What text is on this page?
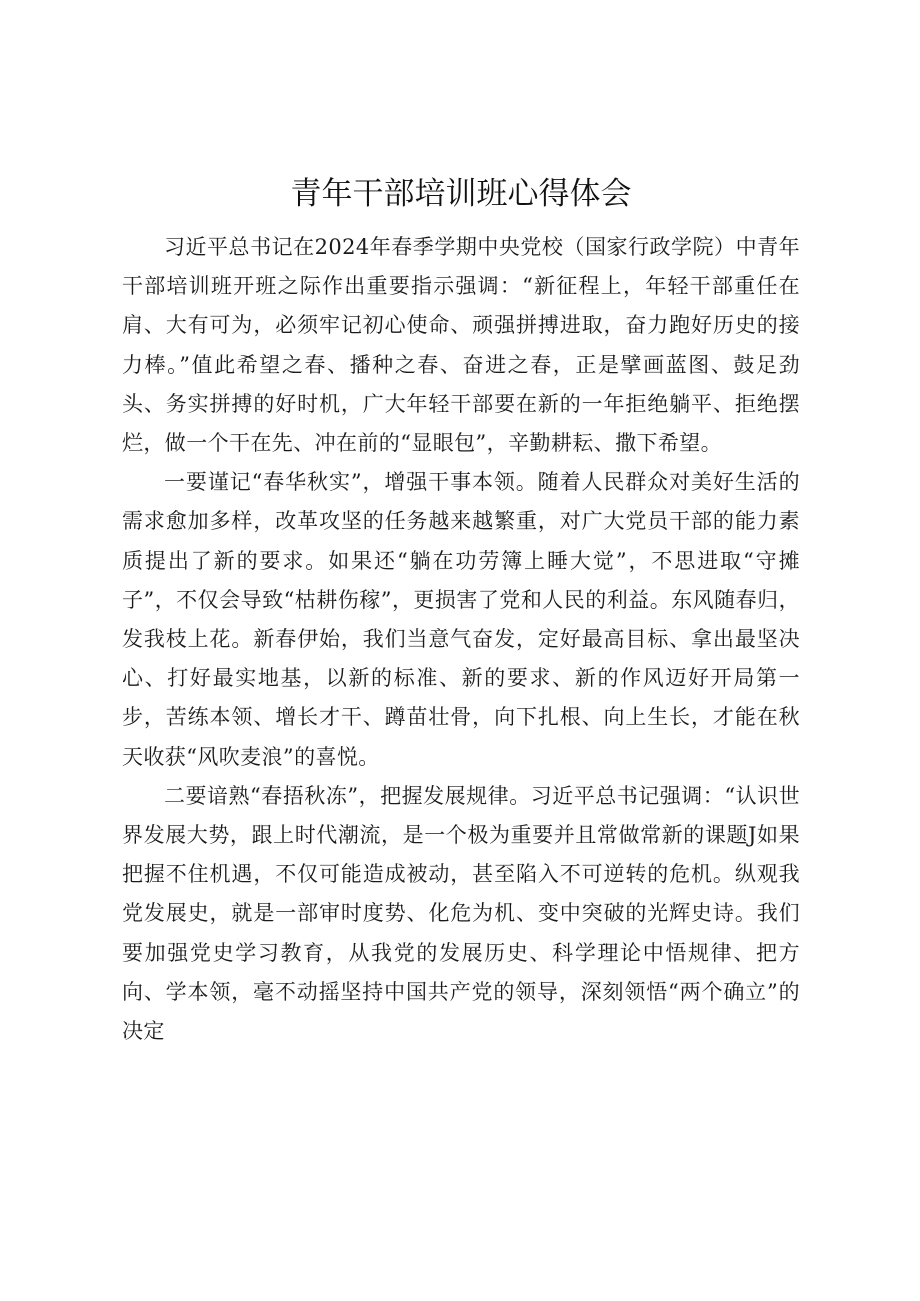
青年干部培训班心得体会

习近平总书记在2024年春季学期中央党校（国家行政学院）中青年干部培训班开班之际作出重要指示强调：“新征程上，年轻干部重任在肩、大有可为，必须牢记初心使命、顽强拼搏进取，奋力跑好历史的接力棒。”值此希望之春、播种之春、奋进之春，正是擘画蓝图、鼓足劲头、务实拼搏的好时机，广大年轻干部要在新的一年拒绝躺平、拒绝摆烂，做一个干在先、冲在前的“显眼包”，辛勤耕耘、撒下希望。

一要谨记“春华秋实”，增强干事本领。随着人民群众对美好生活的需求愈加多样，改革攻坚的任务越来越繁重，对广大党员干部的能力素质提出了新的要求。如果还“躺在功劳簿上睡大觉”，不思进取“守摊子”，不仅会导致“枯耕伤稼”，更损害了党和人民的利益。东风随春归，发我枝上花。新春伊始，我们当意气奋发，定好最高目标、拿出最坚决心、打好最实地基，以新的标准、新的要求、新的作风迈好开局第一步，苦练本领、增长才干、蹲苗壮骨，向下扎根、向上生长，才能在秋天收获“风吹麦浪”的喜悦。

二要谙熟“春捂秋冻”，把握发展规律。习近平总书记强调：“认识世界发展大势，跟上时代潮流，是一个极为重要并且常做常新的课题J如果把握不住机遇，不仅可能造成被动，甚至陷入不可逆转的危机。纵观我党发展史，就是一部审时度势、化危为机、变中突破的光辉史诗。我们要加强党史学习教育，从我党的发展历史、科学理论中悟规律、把方向、学本领，毫不动摇坚持中国共产党的领导，深刻领悟“两个确立”的决定
